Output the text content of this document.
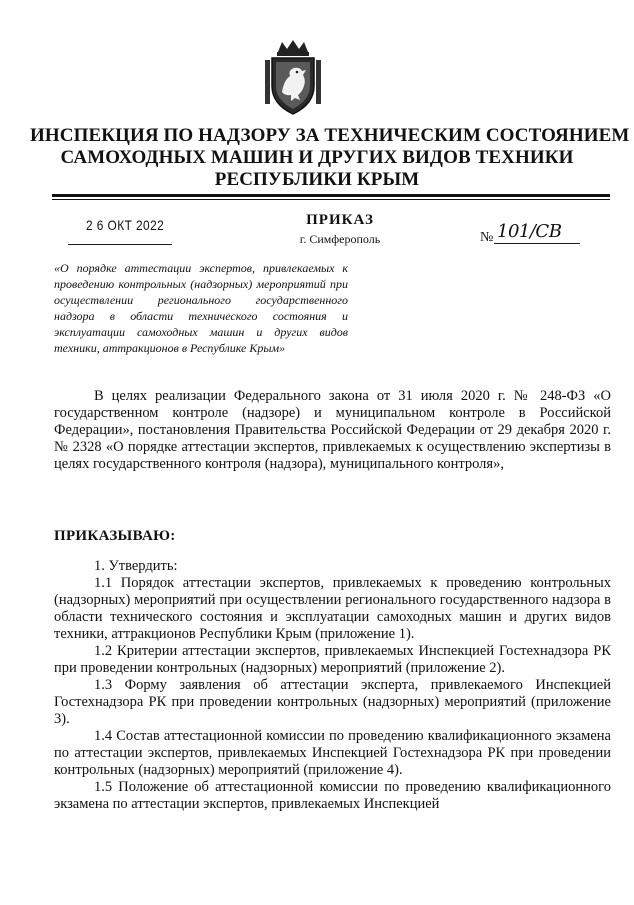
ИНСПЕКЦИЯ ПО НАДЗОРУ ЗА ТЕХНИЧЕСКИМ СОСТОЯНИЕМ
САМОХОДНЫХ МАШИН И ДРУГИХ ВИДОВ ТЕХНИКИ
РЕСПУБЛИКИ КРЫМ
2 6 ОКТ 2022	ПРИКАЗ
г. Симферополь	№ 101/СВ
«О порядке аттестации экспертов, привлекаемых к проведению контрольных (надзорных) мероприятий при осуществлении регионального государственного надзора в области технического состояния и эксплуатации самоходных машин и других видов техники, аттракционов в Республике Крым»
В целях реализации Федерального закона от 31 июля 2020 г. № 248-ФЗ «О государственном контроле (надзоре) и муниципальном контроле в Российской Федерации», постановления Правительства Российской Федерации от 29 декабря 2020 г. № 2328 «О порядке аттестации экспертов, привлекаемых к осуществлению экспертизы в целях государственного контроля (надзора), муниципального контроля»,
ПРИКАЗЫВАЮ:

1. Утвердить:

1.1 Порядок аттестации экспертов, привлекаемых к проведению контрольных (надзорных) мероприятий при осуществлении регионального государственного надзора в области технического состояния и эксплуатации самоходных машин и других видов техники, аттракционов Республики Крым (приложение 1).

1.2 Критерии аттестации экспертов, привлекаемых Инспекцией Гостехнадзора РК при проведении контрольных (надзорных) мероприятий (приложение 2).

1.3 Форму заявления об аттестации эксперта, привлекаемого Инспекцией Гостехнадзора РК при проведении контрольных (надзорных) мероприятий (приложение 3).

1.4 Состав аттестационной комиссии по проведению квалификационного экзамена по аттестации экспертов, привлекаемых Инспекцией Гостехнадзора РК при проведении контрольных (надзорных) мероприятий (приложение 4).

1.5 Положение об аттестационной комиссии по проведению квалификационного экзамена по аттестации экспертов, привлекаемых Инспекцией
